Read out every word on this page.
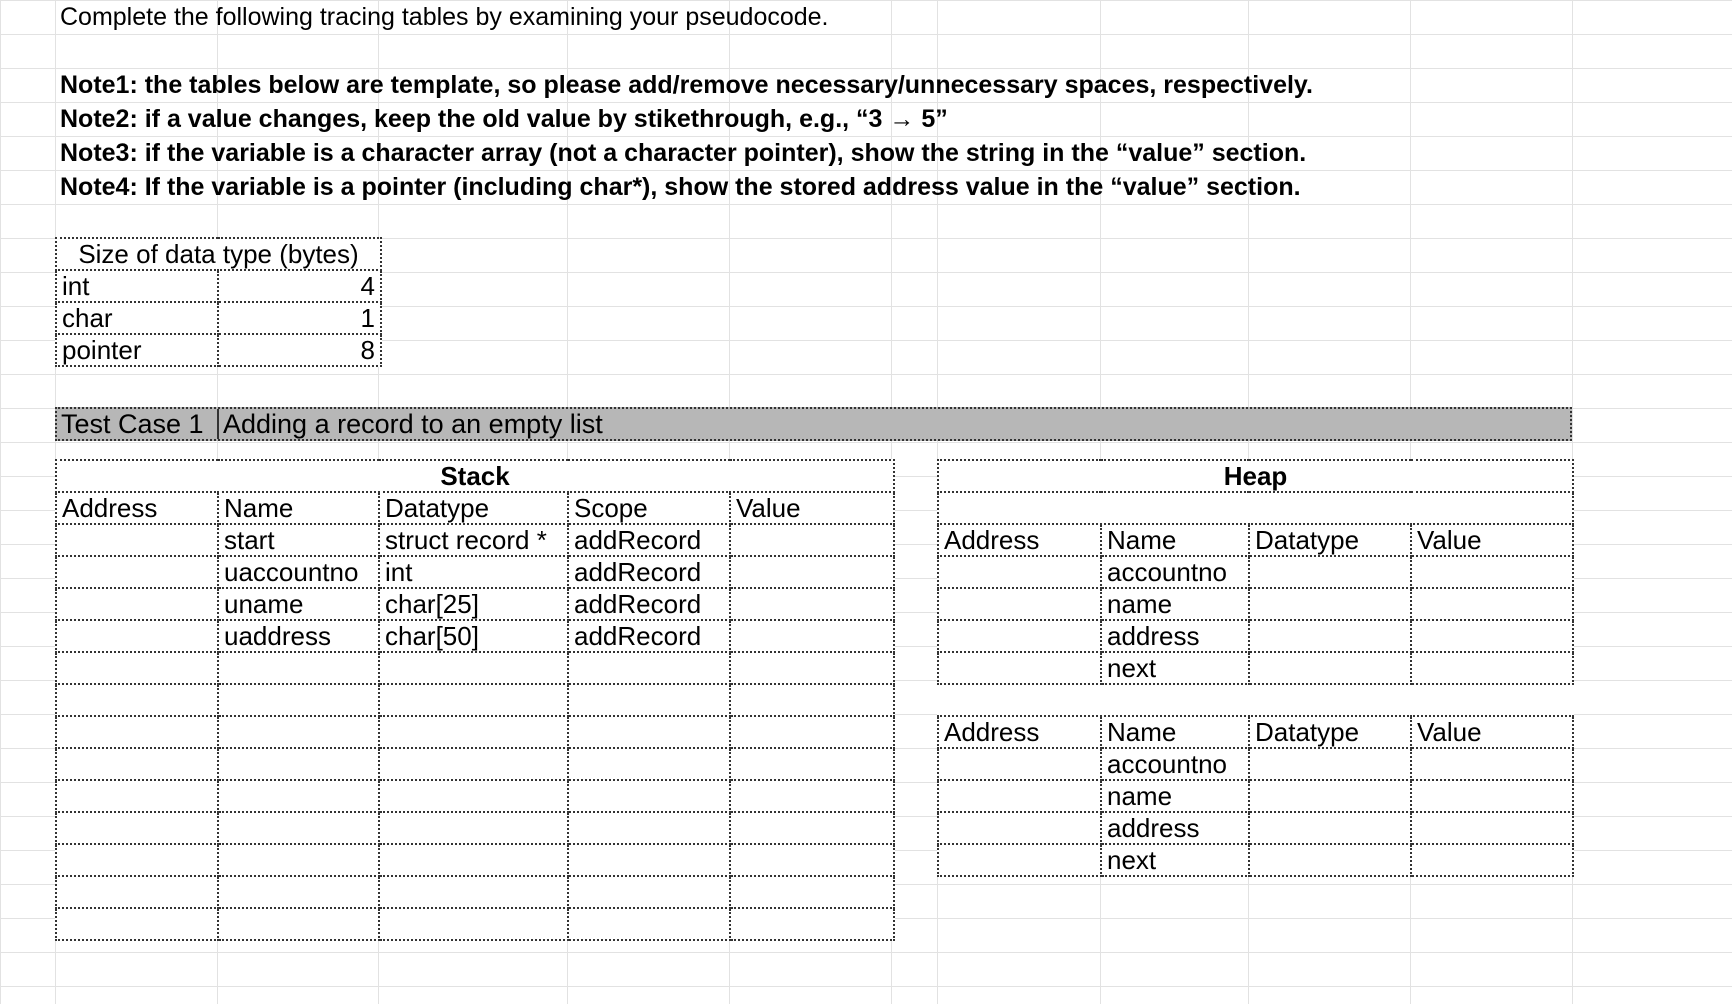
Complete the following tracing tables by examining your pseudocode.
Note1: the tables below are template, so please add/remove necessary/unnecessary spaces, respectively.
Note2: if a value changes, keep the old value by stikethrough, e.g., “3 → 5”
Note3: if the variable is a character array (not a character pointer), show the string in the “value” section.
Note4: If the variable is a pointer (including char*), show the stored address value in the “value” section.
Size of data type (bytes)	
int	4
char	1
pointer	8
Test Case 1 Adding a record to an empty list
Stack				
Address	Name	Datatype	Scope	Value
	start	struct record *	addRecord	
	uaccountno	int	addRecord	
	uname	char[25]	addRecord	
	uaddress	char[50]	addRecord	

Heap			

Address	Name	Datatype	Value
	accountno		
	name		
	address		
	next		

Address	Name	Datatype	Value
	accountno		
	name		
	address		
	next		
